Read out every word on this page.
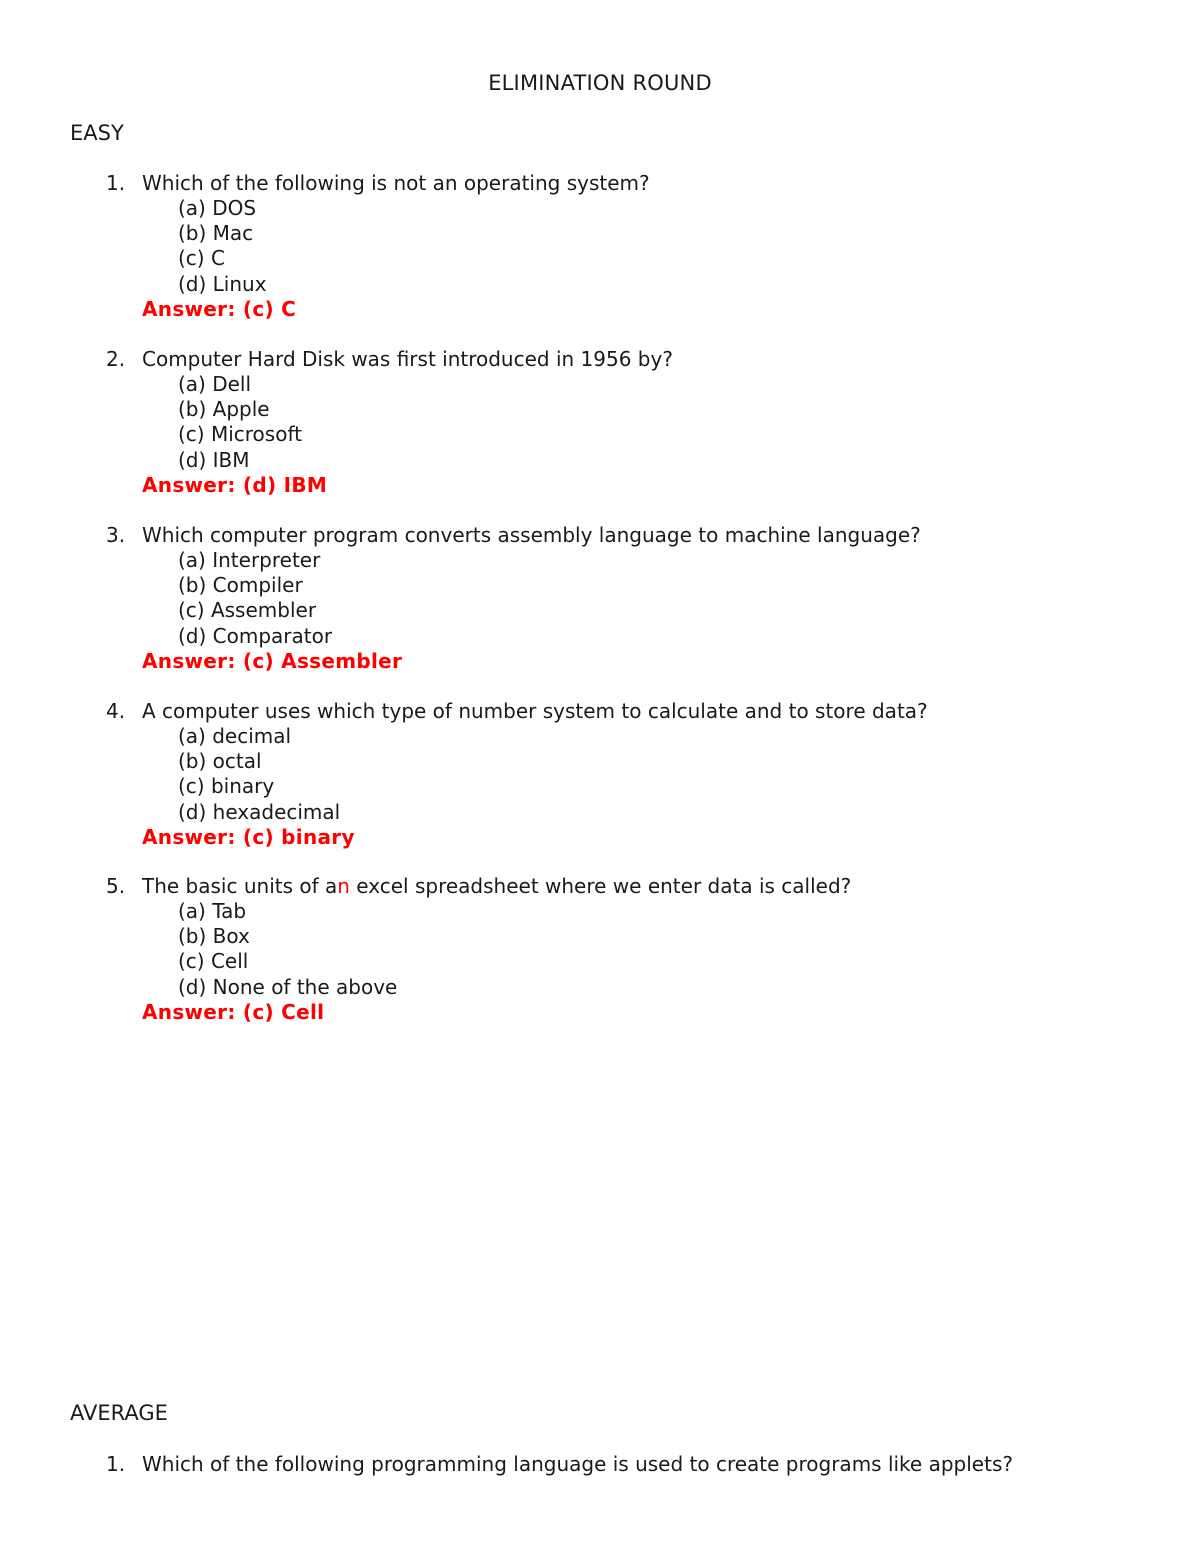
ELIMINATION ROUND
EASY
1. Which of the following is not an operating system?
(a) DOS
(b) Mac
(c) C
(d) Linux
Answer: (c) C
2. Computer Hard Disk was first introduced in 1956 by?
(a) Dell
(b) Apple
(c) Microsoft
(d) IBM
Answer: (d) IBM
3. Which computer program converts assembly language to machine language?
(a) Interpreter
(b) Compiler
(c) Assembler
(d) Comparator
Answer: (c) Assembler
4. A computer uses which type of number system to calculate and to store data?
(a) decimal
(b) octal
(c) binary
(d) hexadecimal
Answer: (c) binary
5. The basic units of an excel spreadsheet where we enter data is called?
(a) Tab
(b) Box
(c) Cell
(d) None of the above
Answer: (c) Cell
AVERAGE
1. Which of the following programming language is used to create programs like applets?
